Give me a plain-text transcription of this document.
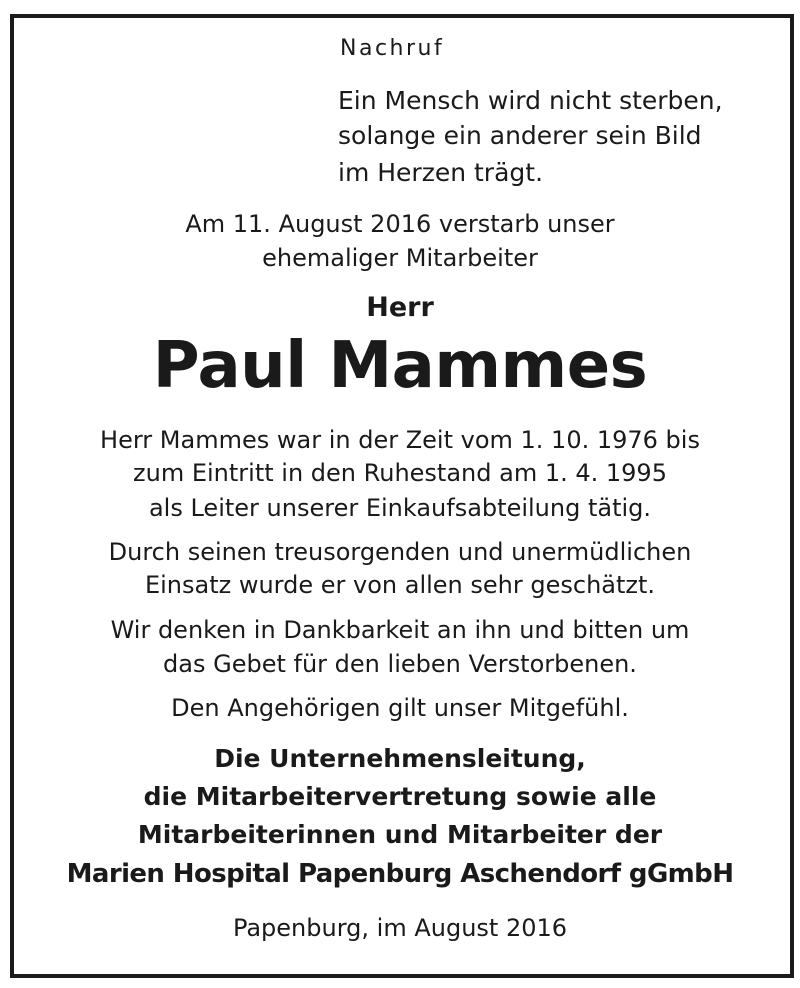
Nachruf

Ein Mensch wird nicht sterben,

solange ein anderer sein Bild

im Herzen trägt.

Am 11. August 2016 verstarb unser

ehemaliger Mitarbeiter

Herr

Paul Mammes

Herr Mammes war in der Zeit vom 1. 10. 1976 bis

zum Eintritt in den Ruhestand am 1. 4. 1995

als Leiter unserer Einkaufsabteilung tätig.

Durch seinen treusorgenden und unermüdlichen

Einsatz wurde er von allen sehr geschätzt.

Wir denken in Dankbarkeit an ihn und bitten um

das Gebet für den lieben Verstorbenen.

Den Angehörigen gilt unser Mitgefühl.

Die Unternehmensleitung,

die Mitarbeitervertretung sowie alle

Mitarbeiterinnen und Mitarbeiter der

Marien Hospital Papenburg Aschendorf gGmbH

Papenburg, im August 2016
